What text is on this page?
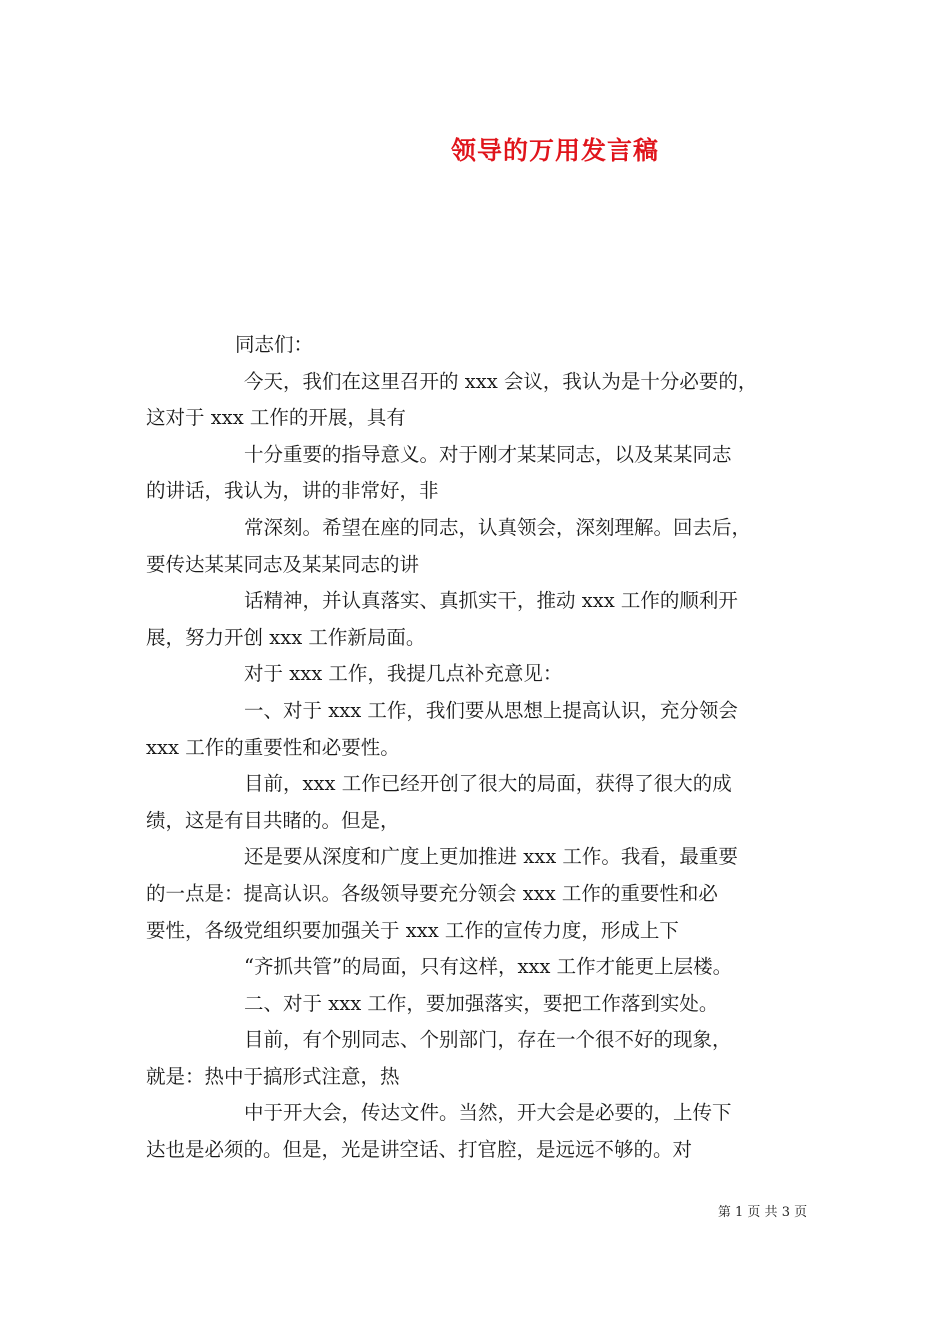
领导的万用发言稿
同志们：
今天，我们在这里召开的 xxx 会议，我认为是十分必要的，
这对于 xxx 工作的开展，具有
十分重要的指导意义。对于刚才某某同志，以及某某同志
的讲话，我认为，讲的非常好，非
常深刻。希望在座的同志，认真领会，深刻理解。回去后，
要传达某某同志及某某同志的讲
话精神，并认真落实、真抓实干，推动 xxx 工作的顺利开
展，努力开创 xxx 工作新局面。
对于 xxx 工作，我提几点补充意见：
一、对于 xxx 工作，我们要从思想上提高认识，充分领会
xxx 工作的重要性和必要性。
目前，xxx 工作已经开创了很大的局面，获得了很大的成
绩，这是有目共睹的。但是，
还是要从深度和广度上更加推进 xxx 工作。我看，最重要
的一点是：提高认识。各级领导要充分领会 xxx 工作的重要性和必
要性，各级党组织要加强关于 xxx 工作的宣传力度，形成上下
“齐抓共管”的局面，只有这样，xxx 工作才能更上层楼。
二、对于 xxx 工作，要加强落实，要把工作落到实处。
目前，有个别同志、个别部门，存在一个很不好的现象，
就是：热中于搞形式注意，热
中于开大会，传达文件。当然，开大会是必要的，上传下
达也是必须的。但是，光是讲空话、打官腔，是远远不够的。对
第 1 页 共 3 页
